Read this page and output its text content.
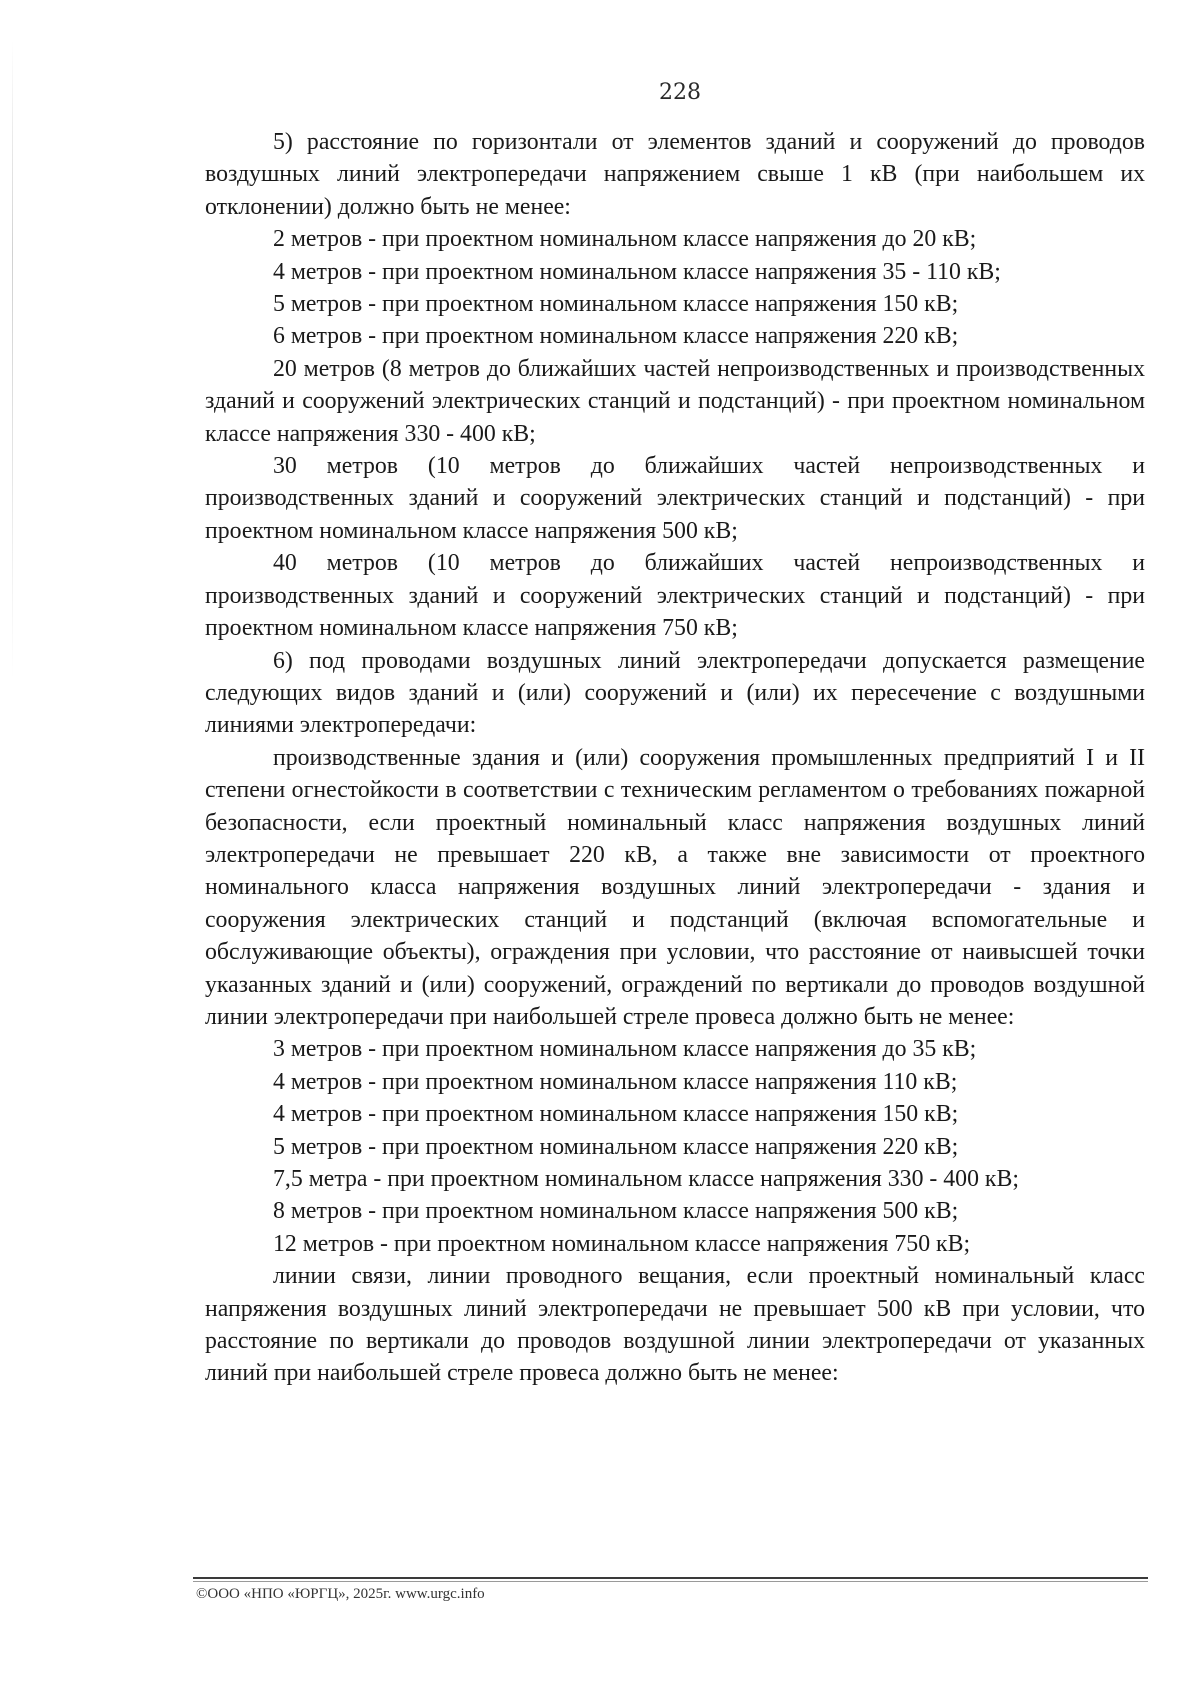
228

5) расстояние по горизонтали от элементов зданий и сооружений до проводов воздушных линий электропередачи напряжением свыше 1 кВ (при наибольшем их отклонении) должно быть не менее:

2 метров - при проектном номинальном классе напряжения до 20 кВ;

4 метров - при проектном номинальном классе напряжения 35 - 110 кВ;

5 метров - при проектном номинальном классе напряжения 150 кВ;

6 метров - при проектном номинальном классе напряжения 220 кВ;

20 метров (8 метров до ближайших частей непроизводственных и производственных зданий и сооружений электрических станций и подстанций) - при проектном номинальном классе напряжения 330 - 400 кВ;

30 метров (10 метров до ближайших частей непроизводственных и производственных зданий и сооружений электрических станций и подстанций) - при проектном номинальном классе напряжения 500 кВ;

40 метров (10 метров до ближайших частей непроизводственных и производственных зданий и сооружений электрических станций и подстанций) - при проектном номинальном классе напряжения 750 кВ;

6) под проводами воздушных линий электропередачи допускается размещение следующих видов зданий и (или) сооружений и (или) их пересечение с воздушными линиями электропередачи:

производственные здания и (или) сооружения промышленных предприятий I и II степени огнестойкости в соответствии с техническим регламентом о требованиях пожарной безопасности, если проектный номинальный класс напряжения воздушных линий электропередачи не превышает 220 кВ, а также вне зависимости от проектного номинального класса напряжения воздушных линий электропередачи - здания и сооружения электрических станций и подстанций (включая вспомогательные и обслуживающие объекты), ограждения при условии, что расстояние от наивысшей точки указанных зданий и (или) сооружений, ограждений по вертикали до проводов воздушной линии электропередачи при наибольшей стреле провеса должно быть не менее:

3 метров - при проектном номинальном классе напряжения до 35 кВ;

4 метров - при проектном номинальном классе напряжения 110 кВ;

4 метров - при проектном номинальном классе напряжения 150 кВ;

5 метров - при проектном номинальном классе напряжения 220 кВ;

7,5 метра - при проектном номинальном классе напряжения 330 - 400 кВ;

8 метров - при проектном номинальном классе напряжения 500 кВ;

12 метров - при проектном номинальном классе напряжения 750 кВ;

линии связи, линии проводного вещания, если проектный номинальный класс напряжения воздушных линий электропередачи не превышает 500 кВ при условии, что расстояние по вертикали до проводов воздушной линии электропередачи от указанных линий при наибольшей стреле провеса должно быть не менее:

©ООО «НПО «ЮРГЦ», 2025г. www.urgc.info
